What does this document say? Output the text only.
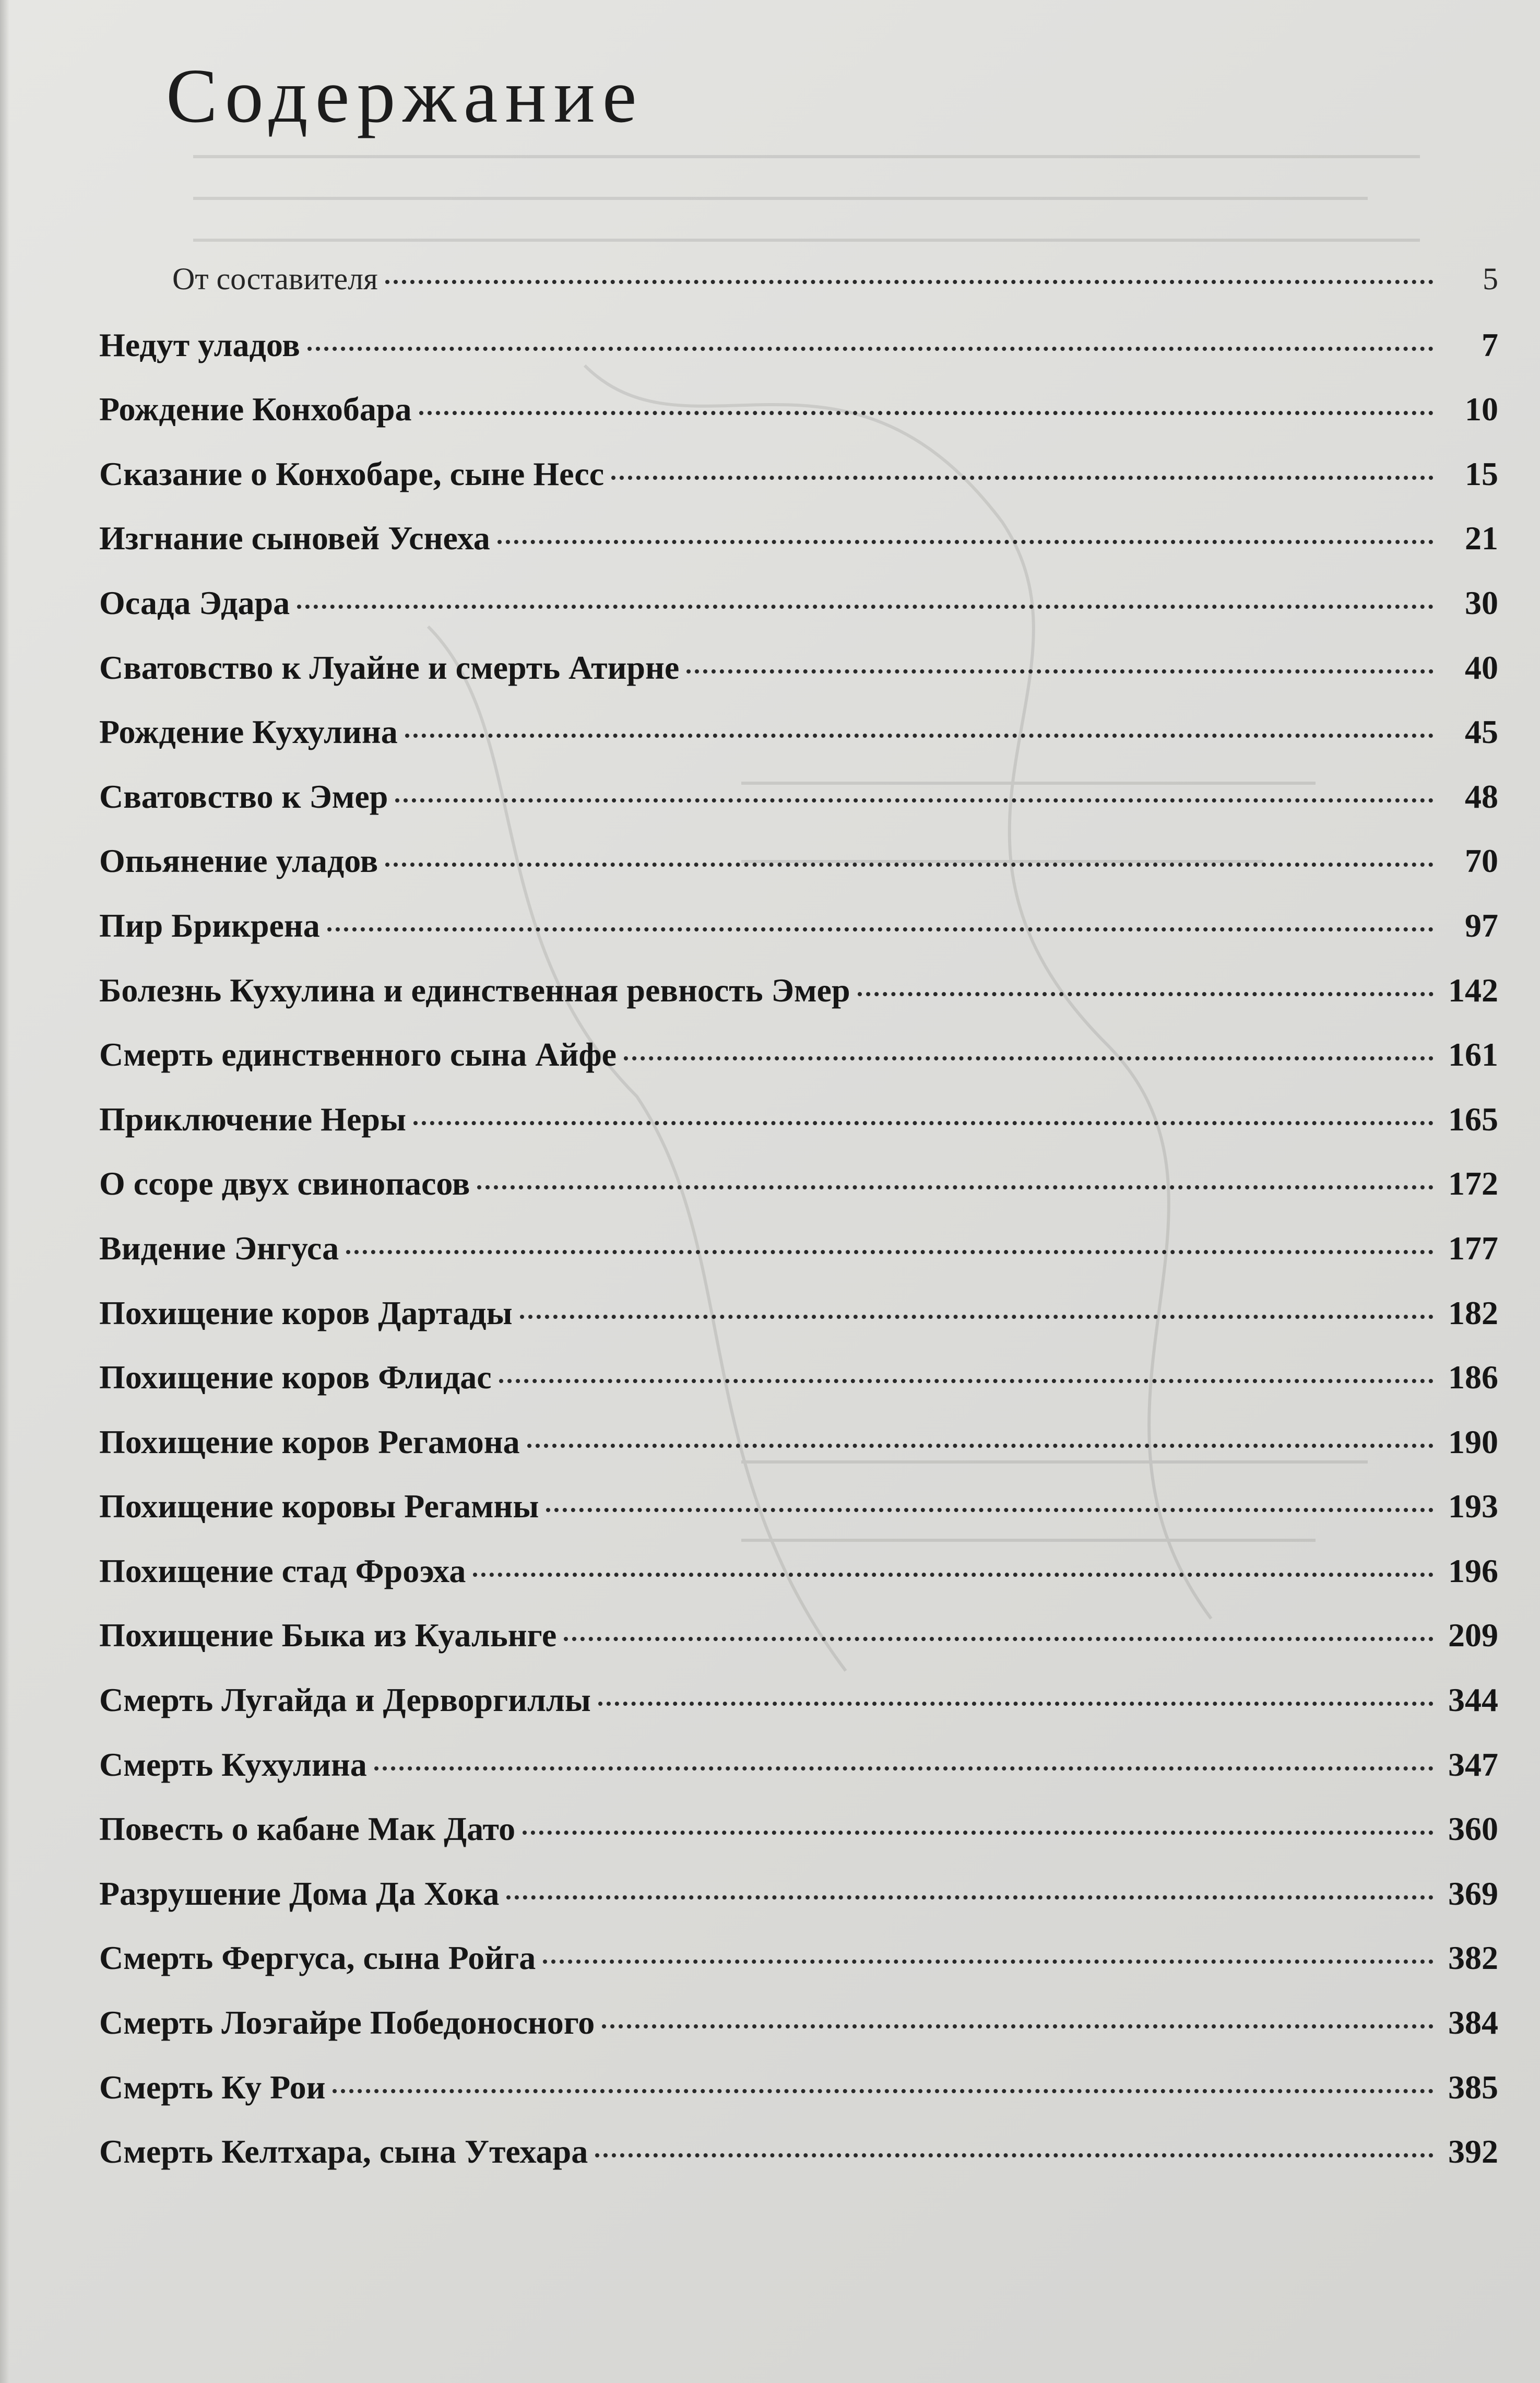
Содержание
От составителя	5
Недут уладов	7
Рождение Конхобара	10
Сказание о Конхобаре, сыне Несс	15
Изгнание сыновей Уснеха	21
Осада Эдара	30
Сватовство к Луайне и смерть Атирне	40
Рождение Кухулина	45
Сватовство к Эмер	48
Опьянение уладов	70
Пир Брикрена	97
Болезнь Кухулина и единственная ревность Эмер	142
Смерть единственного сына Айфе	161
Приключение Неры	165
О ссоре двух свинопасов	172
Видение Энгуса	177
Похищение коров Дартады	182
Похищение коров Флидас	186
Похищение коров Регамона	190
Похищение коровы Регамны	193
Похищение стад Фроэха	196
Похищение Быка из Куальнге	209
Смерть Лугайда и Дерворгиллы	344
Смерть Кухулина	347
Повесть о кабане Мак Дато	360
Разрушение Дома Да Хока	369
Смерть Фергуса, сына Ройга	382
Смерть Лоэгайре Победоносного	384
Смерть Ку Рои	385
Смерть Келтхара, сына Утехара	392
